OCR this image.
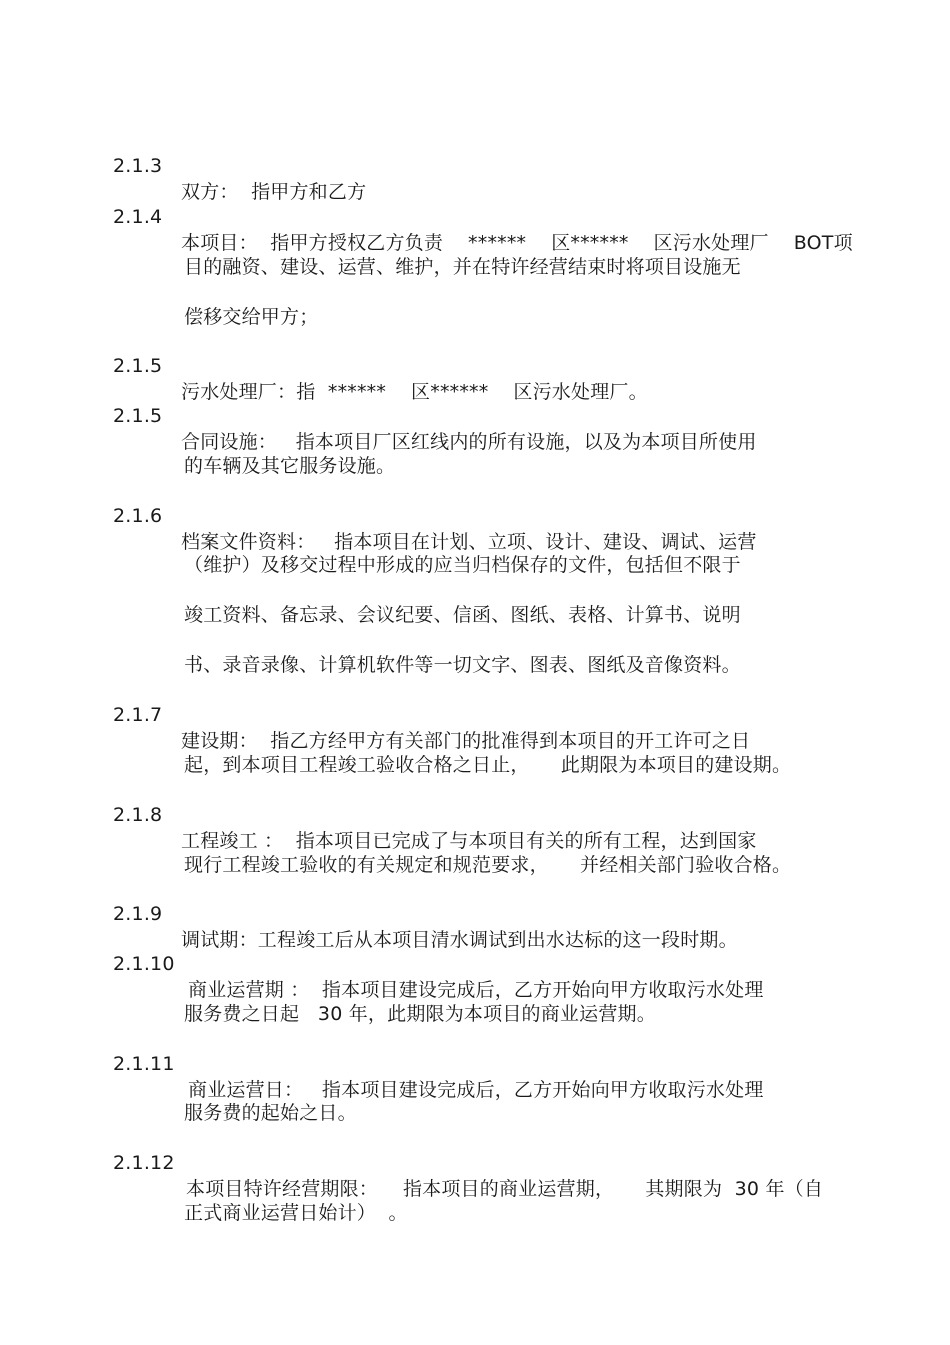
2.1.3

双方：  指甲方和乙方

2.1.4

本项目：  指甲方授权乙方负责    ******    区******    区污水处理厂    BOT项

目的融资、建设、运营、维护，并在特许经营结束时将项目设施无

偿移交给甲方；

2.1.5

污水处理厂：指  ******    区******    区污水处理厂。

2.1.5

合同设施：   指本项目厂区红线内的所有设施，以及为本项目所使用

的车辆及其它服务设施。

2.1.6

档案文件资料：   指本项目在计划、立项、设计、建设、调试、运营

（维护）及移交过程中形成的应当归档保存的文件，包括但不限于

竣工资料、备忘录、会议纪要、信函、图纸、表格、计算书、说明

书、录音录像、计算机软件等一切文字、图表、图纸及音像资料。

2.1.7

建设期：  指乙方经甲方有关部门的批准得到本项目的开工许可之日

起，到本项目工程竣工验收合格之日止，     此期限为本项目的建设期。

2.1.8

工程竣工 ：  指本项目已完成了与本项目有关的所有工程，达到国家

现行工程竣工验收的有关规定和规范要求，     并经相关部门验收合格。

2.1.9

调试期：工程竣工后从本项目清水调试到出水达标的这一段时期。

2.1.10

商业运营期 ：  指本项目建设完成后，乙方开始向甲方收取污水处理

服务费之日起   30 年，此期限为本项目的商业运营期。

2.1.11

商业运营日：   指本项目建设完成后，乙方开始向甲方收取污水处理

服务费的起始之日。

2.1.12

本项目特许经营期限：    指本项目的商业运营期，     其期限为  30 年（自

正式商业运营日始计）  。
